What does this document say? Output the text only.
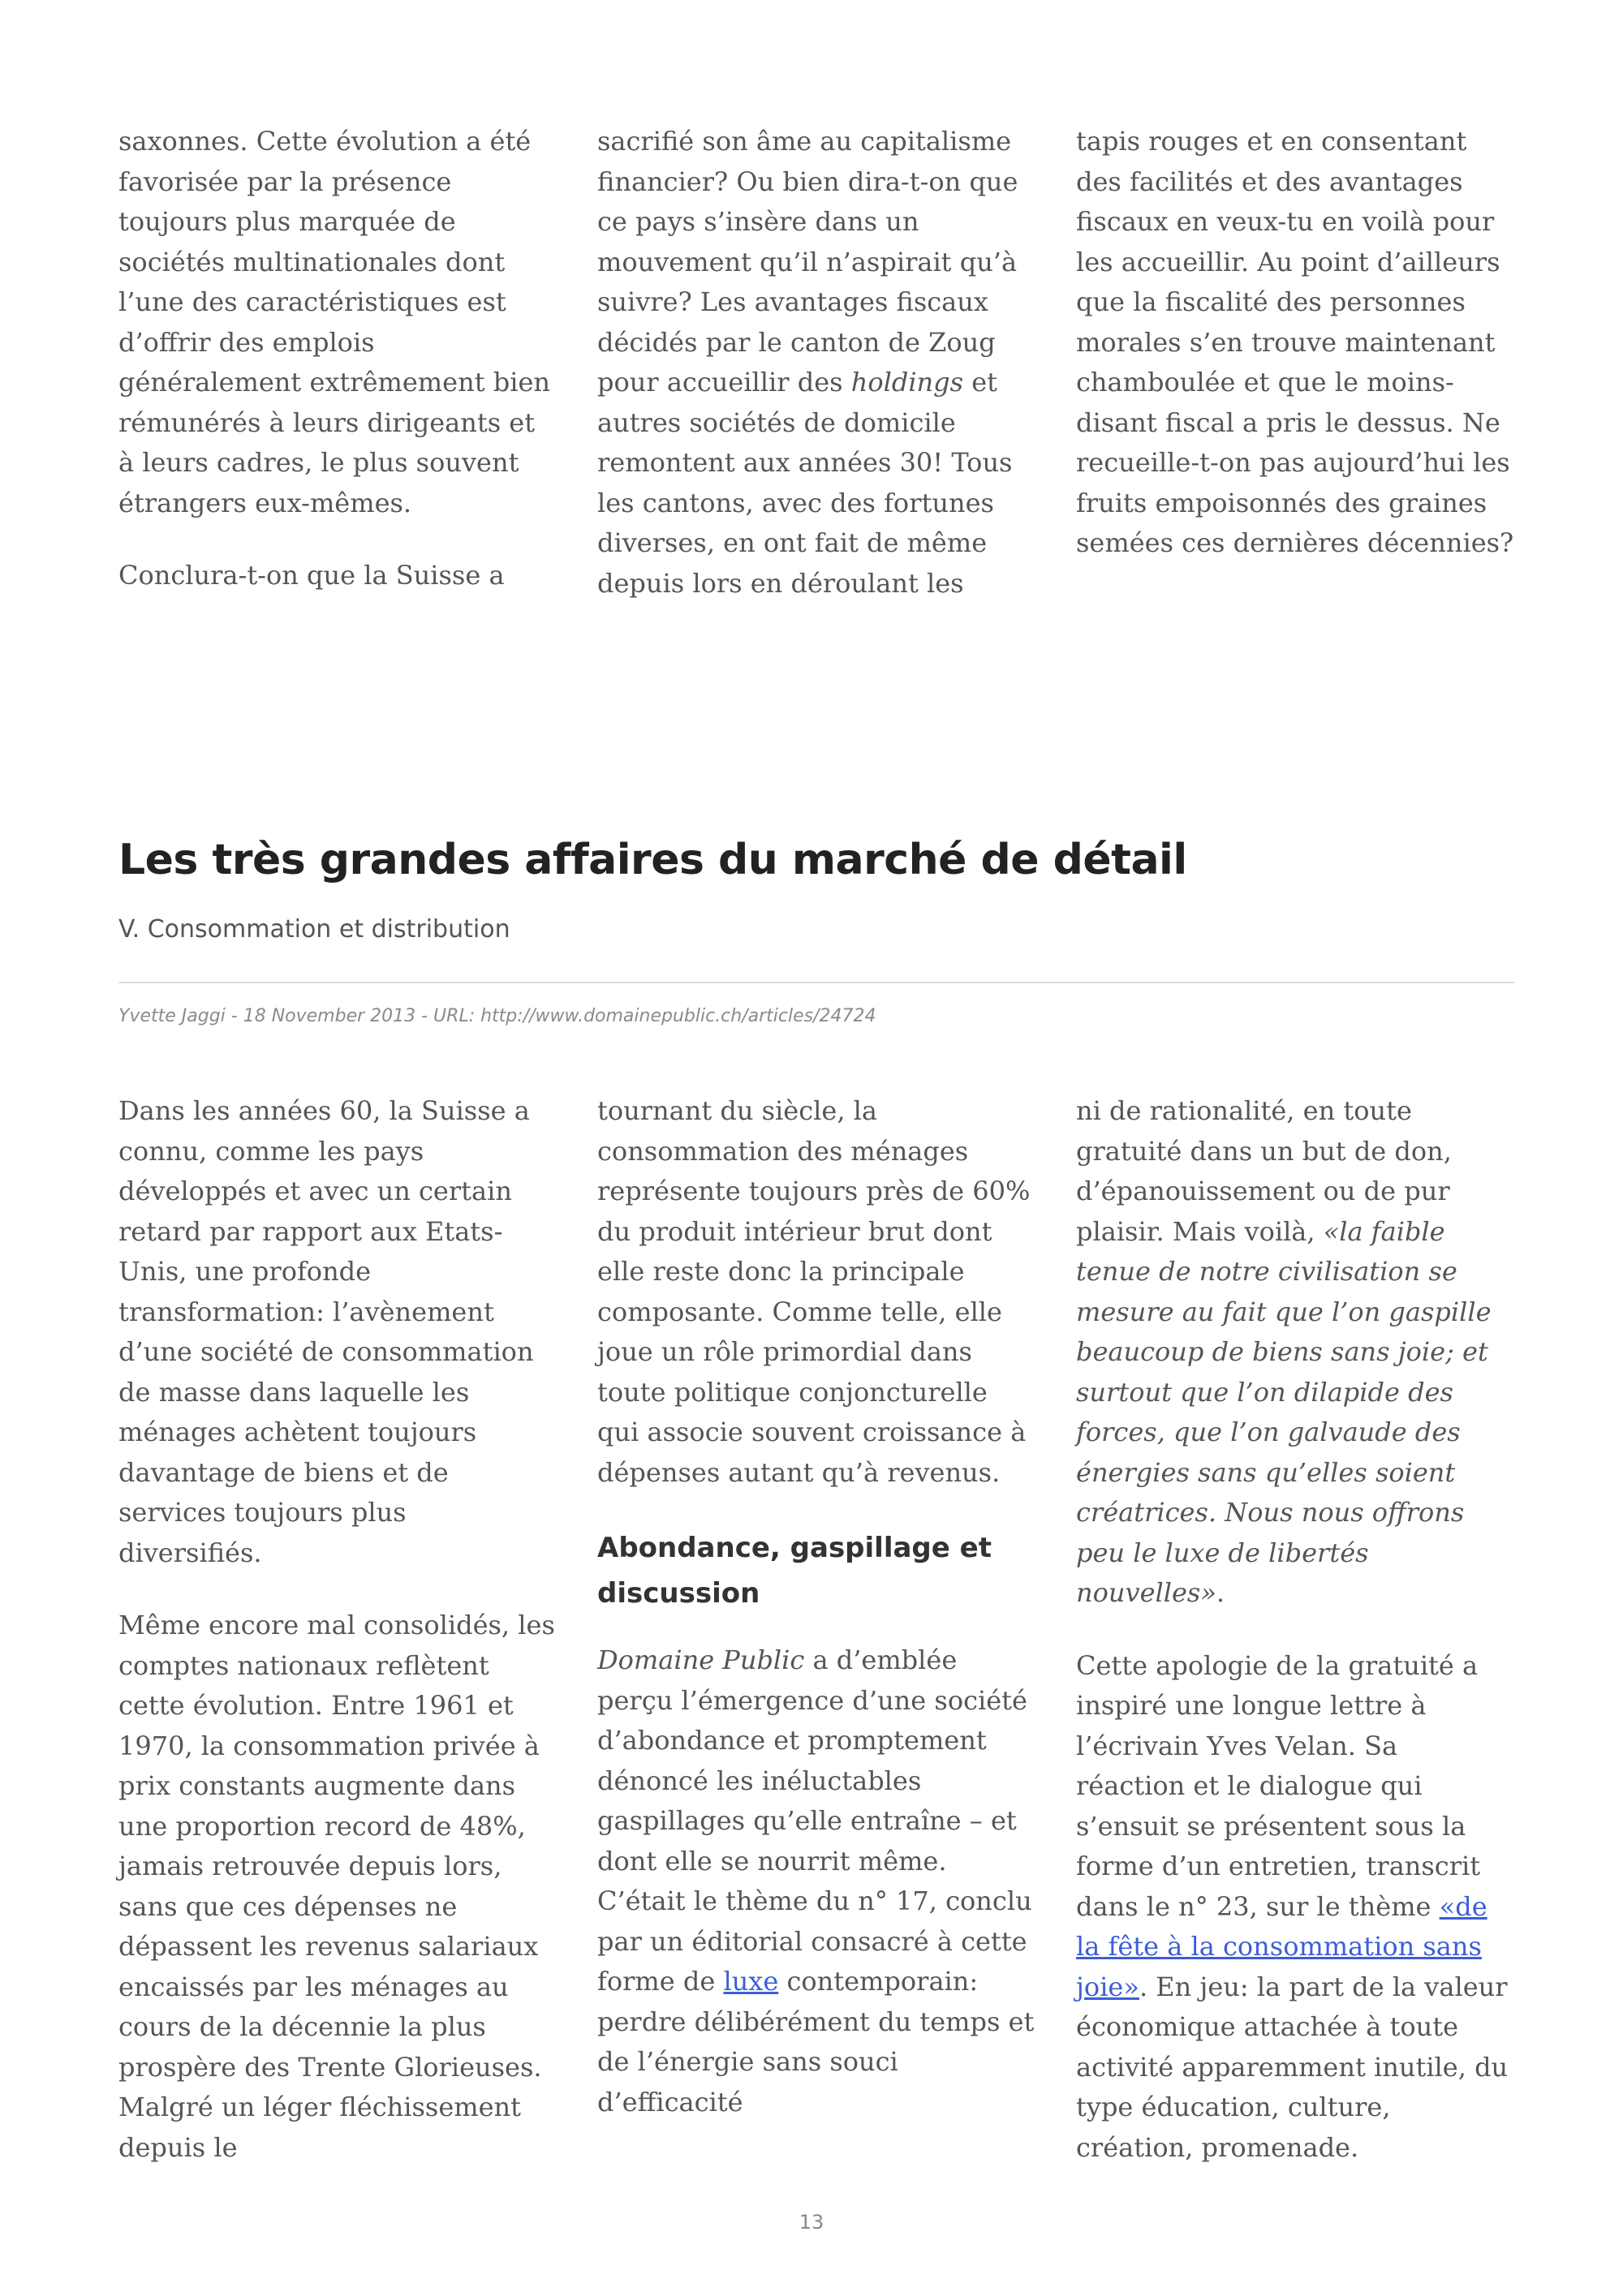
saxonnes. Cette évolution a été favorisée par la présence toujours plus marquée de sociétés multinationales dont l’une des caractéristiques est d’offrir des emplois généralement extrêmement bien rémunérés à leurs dirigeants et à leurs cadres, le plus souvent étrangers eux-mêmes.

Conclura-t-on que la Suisse a

sacrifié son âme au capitalisme financier? Ou bien dira-t-on que ce pays s’insère dans un mouvement qu’il n’aspirait qu’à suivre? Les avantages fiscaux décidés par le canton de Zoug pour accueillir des holdings et autres sociétés de domicile remontent aux années 30! Tous les cantons, avec des fortunes diverses, en ont fait de même depuis lors en déroulant les

tapis rouges et en consentant des facilités et des avantages fiscaux en veux-tu en voilà pour les accueillir. Au point d’ailleurs que la fiscalité des personnes morales s’en trouve maintenant chamboulée et que le moins-disant fiscal a pris le dessus. Ne recueille-t-on pas aujourd’hui les fruits empoisonnés des graines semées ces dernières décennies?

Les très grandes affaires du marché de détail

V. Consommation et distribution

Yvette Jaggi - 18 November 2013 - URL: http://www.domainepublic.ch/articles/24724

Dans les années 60, la Suisse a connu, comme les pays développés et avec un certain retard par rapport aux Etats-Unis, une profonde transformation: l’avènement d’une société de consommation de masse dans laquelle les ménages achètent toujours davantage de biens et de services toujours plus diversifiés.

Même encore mal consolidés, les comptes nationaux reflètent cette évolution. Entre 1961 et 1970, la consommation privée à prix constants augmente dans une proportion record de 48%, jamais retrouvée depuis lors, sans que ces dépenses ne dépassent les revenus salariaux encaissés par les ménages au cours de la décennie la plus prospère des Trente Glorieuses. Malgré un léger fléchissement depuis le

tournant du siècle, la consommation des ménages représente toujours près de 60% du produit intérieur brut dont elle reste donc la principale composante. Comme telle, elle joue un rôle primordial dans toute politique conjoncturelle qui associe souvent croissance à dépenses autant qu’à revenus.

Abondance, gaspillage et discussion

Domaine Public a d’emblée perçu l’émergence d’une société d’abondance et promptement dénoncé les inéluctables gaspillages qu’elle entraîne – et dont elle se nourrit même. C’était le thème du n° 17, conclu par un éditorial consacré à cette forme de luxe contemporain: perdre délibérément du temps et de l’énergie sans souci d’efficacité

ni de rationalité, en toute gratuité dans un but de don, d’épanouissement ou de pur plaisir. Mais voilà, «la faible tenue de notre civilisation se mesure au fait que l’on gaspille beaucoup de biens sans joie; et surtout que l’on dilapide des forces, que l’on galvaude des énergies sans qu’elles soient créatrices. Nous nous offrons peu le luxe de libertés nouvelles».

Cette apologie de la gratuité a inspiré une longue lettre à l’écrivain Yves Velan. Sa réaction et le dialogue qui s’ensuit se présentent sous la forme d’un entretien, transcrit dans le n° 23, sur le thème «de la fête à la consommation sans joie». En jeu: la part de la valeur économique attachée à toute activité apparemment inutile, du type éducation, culture, création, promenade.

13
